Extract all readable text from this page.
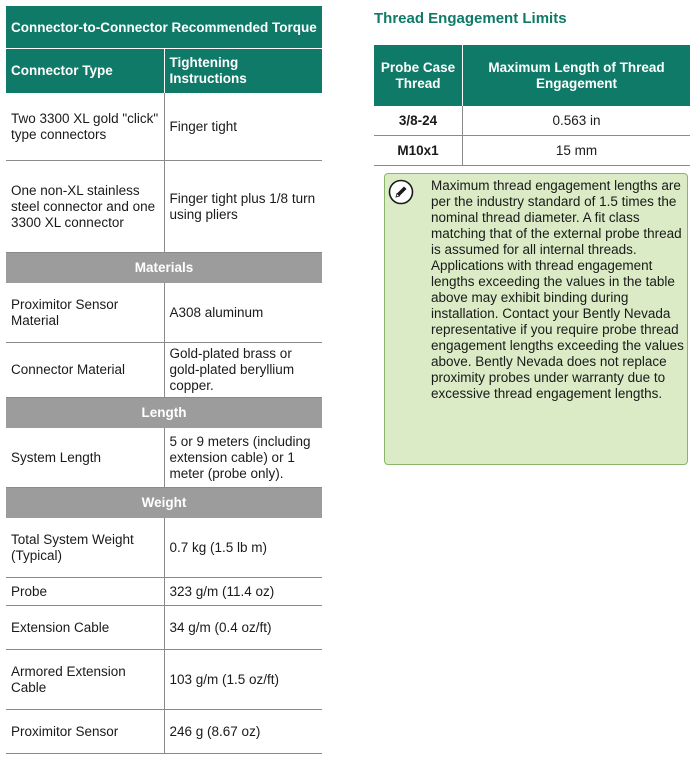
Connector-to-Connector Recommended Torque	
Connector Type	Tightening Instructions
Two 3300 XL gold "click" type connectors	Finger tight
One non-XL stainless steel connector and one 3300 XL connector	Finger tight plus 1/8 turn using pliers
Materials	
Proximitor Sensor Material	A308 aluminum
Connector Material	Gold-plated brass or gold-plated beryllium copper.
Length	
System Length	5 or 9 meters (including extension cable) or 1 meter (probe only).
Weight	
Total System Weight (Typical)	0.7 kg (1.5 lb m)
Probe	323 g/m (11.4 oz)
Extension Cable	34 g/m (0.4 oz/ft)
Armored Extension Cable	103 g/m (1.5 oz/ft)
Proximitor Sensor	246 g (8.67 oz)
Thread Engagement Limits
Probe Case Thread	Maximum Length of Thread Engagement
3/8-24	0.563 in
M10x1	15 mm
Maximum thread engagement lengths are per the industry standard of 1.5 times the nominal thread diameter. A fit class matching that of the external probe thread is assumed for all internal threads. Applications with thread engagement lengths exceeding the values in the table above may exhibit binding during installation. Contact your Bently Nevada representative if you require probe thread engagement lengths exceeding the values above. Bently Nevada does not replace proximity probes under warranty due to excessive thread engagement lengths.
